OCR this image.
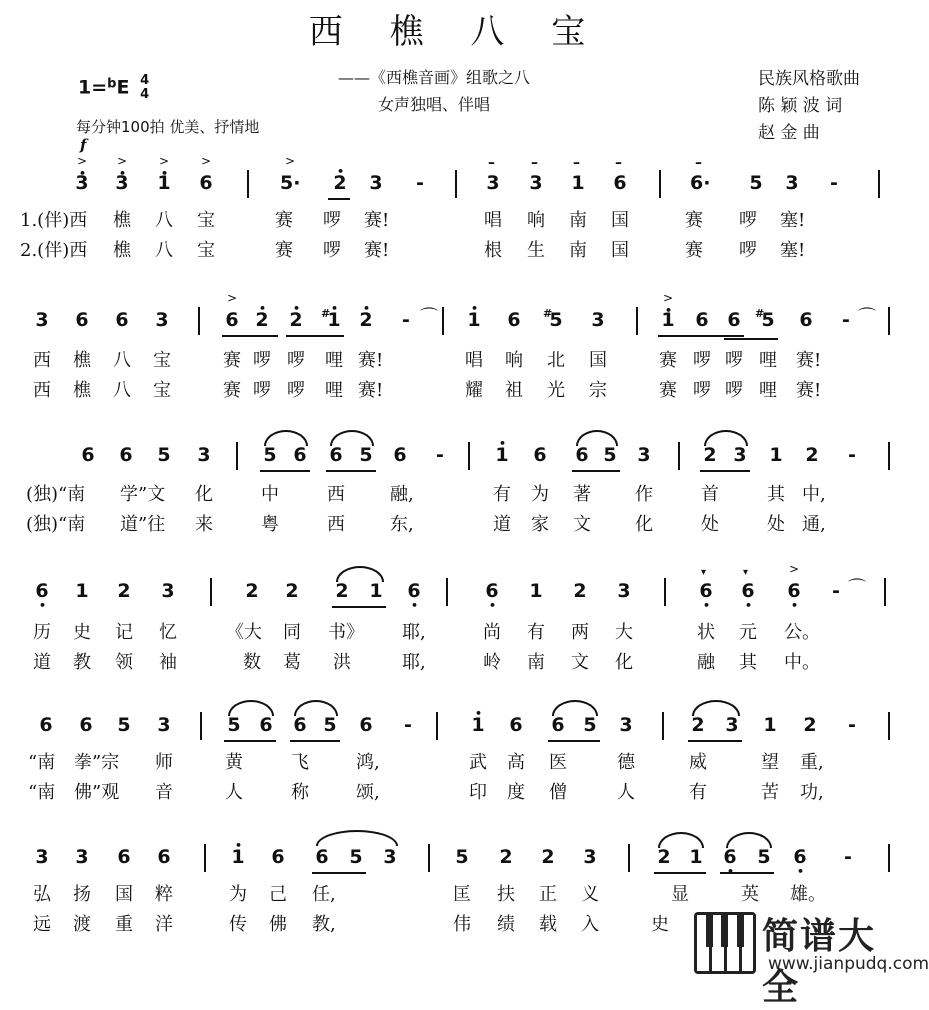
西 樵 八 宝
——《西樵音画》组歌之八
女声独唱、伴唱
1=$^b$E 4
4
每分钟100拍 优美、抒情地
f
民族风格歌曲
陈 颖 波 词
赵 金 曲
> 3 • > 3 • > 1 • > 6	> 5· • 2 3	-	– 3 – 3 – 1 – 6	– 6· 5 3	-
1.(伴)西 樵 八 宝	赛 啰 赛!	唱 响 南 国	赛 啰 塞!
2.(伴)西 樵 八 宝	赛 啰 赛!	根 生 南 国	赛 啰 塞!
3 6 6 3	> 6 • 2 • 2 • 1 # • 2	- ⌒ • 1 6 5 # 3	> 1 • 6 6 5 # 6	- ⌒
西 樵 八 宝	赛 啰 啰 哩 赛!	唱 响 北 国	赛 啰 啰 哩 赛!
西 樵 八 宝	赛 啰 啰 哩 赛!	耀 祖 光 宗	赛 啰 啰 哩 赛!
6 6 5 3	5 6 6 5 6	-	• 1 6 6 5 3	2 3 1 2	-
(独)“南 学”文 化	中	西	融,	有 为 著 作	首	其 中,
(独)“南 道”往 来	粤	西	东,	道 家 文 化	处	处 通,
6 • 1 2 3	2 2 2 1 6 •	6 • 1 2 3	▾ 6 • ▾ 6 • > 6 •	- ⌒
历 史 记 忆	《大 同 书》 耶,	尚 有 两 大	状 元 公。
道 教 领 袖	数 葛 洪	耶,	岭 南 文 化	融 其 中。
6 6 5 3	5 6 6 5 6	-	• 1 6 6 5 3	2 3 1 2	-
“南 拳”宗 师	黄	飞	鸿,	武 高 医	德	威	望 重,
“南 佛”观 音	人	称	颂,	印 度 僧	人	有	苦 功,
3 3 6 6	• 1 6 6 5 3	5 2 2 3	2 1 6 • 5 6 •	-
弘 扬 国 粹	为 己 任,	匡 扶 正 义	显	英 雄。
远 渡 重 洋	传 佛 教,	伟 绩 载 入	史	简谱大全
www.jianpudq.com
